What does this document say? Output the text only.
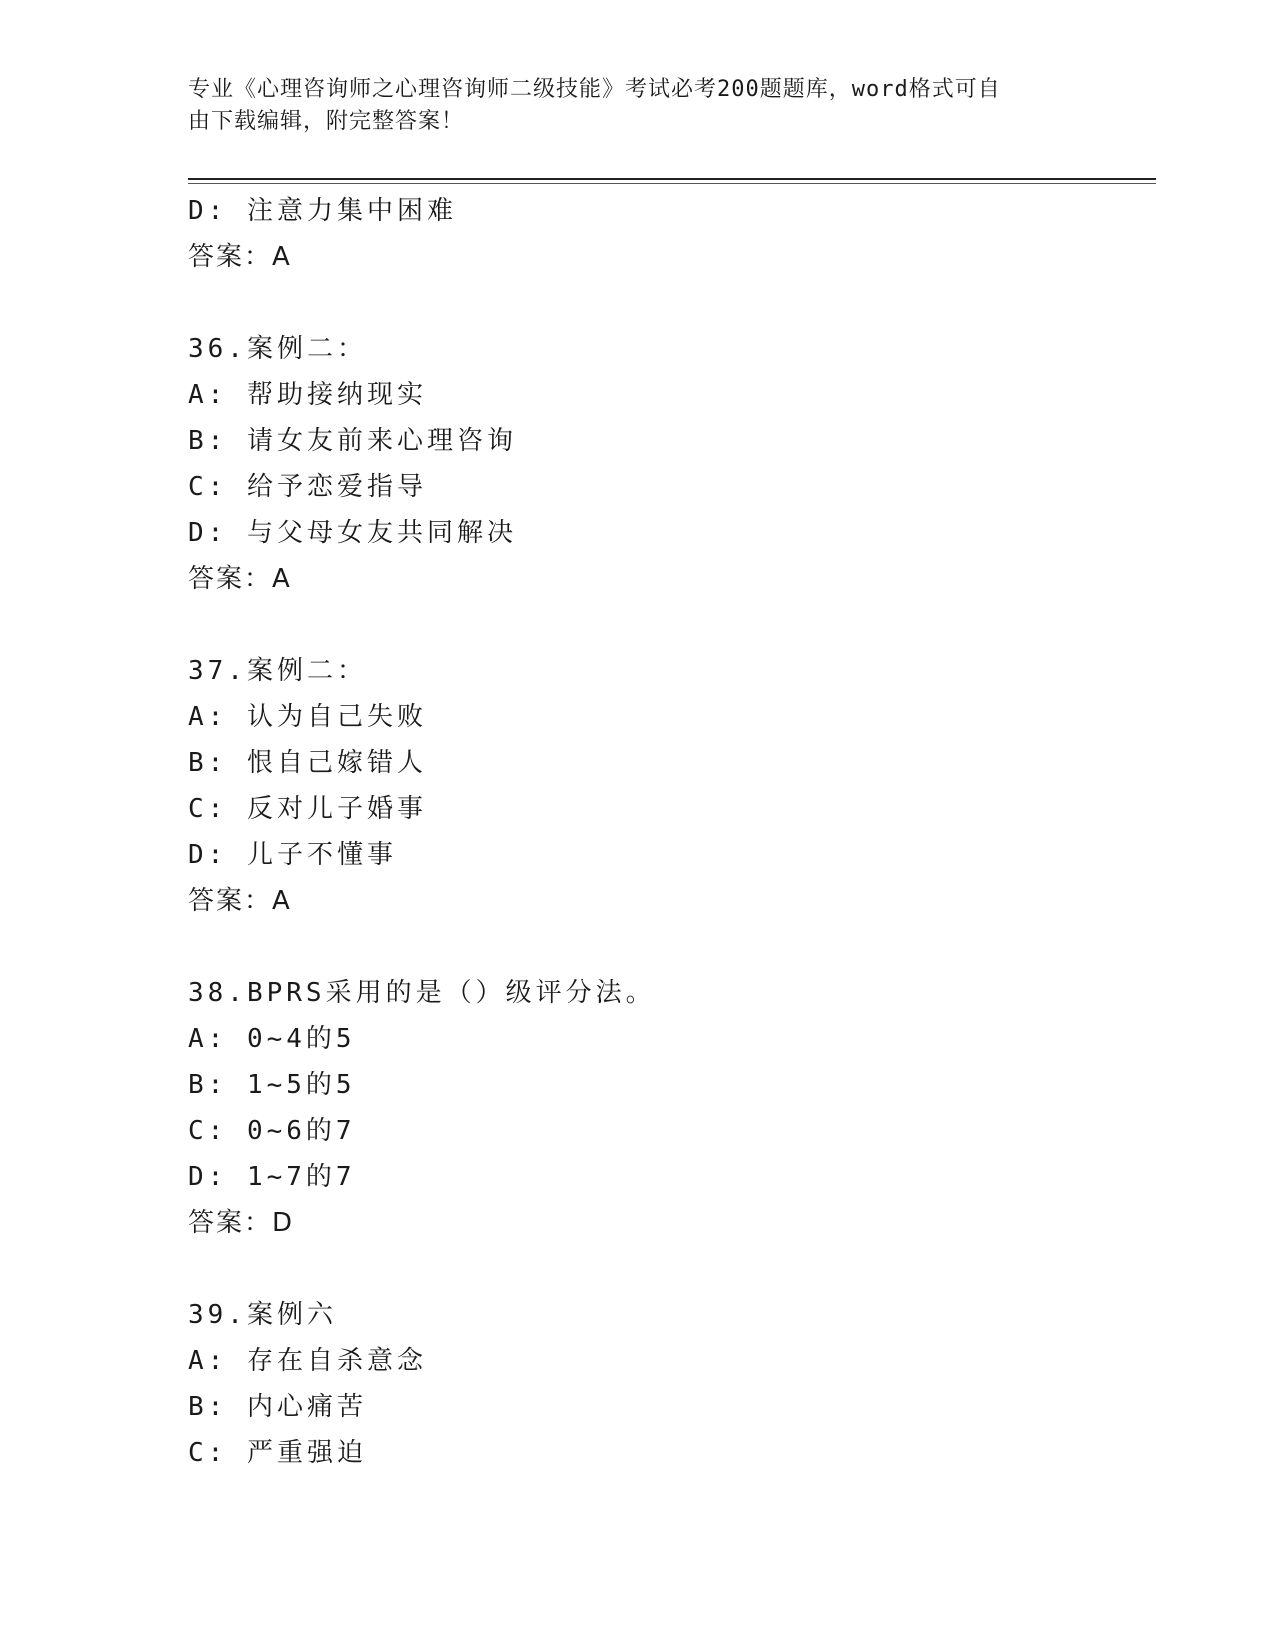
专业《心理咨询师之心理咨询师二级技能》考试必考200题题库，word格式可自
由下载编辑，附完整答案！
D: 注意力集中困难
答案：A
36.案例二：
A: 帮助接纳现实
B: 请女友前来心理咨询
C: 给予恋爱指导
D: 与父母女友共同解决
答案：A
37.案例二：
A: 认为自己失败
B: 恨自己嫁错人
C: 反对儿子婚事
D: 儿子不懂事
答案：A
38.BPRS采用的是（）级评分法。
A: 0~4的5
B: 1~5的5
C: 0~6的7
D: 1~7的7
答案：D
39.案例六
A: 存在自杀意念
B: 内心痛苦
C: 严重强迫
